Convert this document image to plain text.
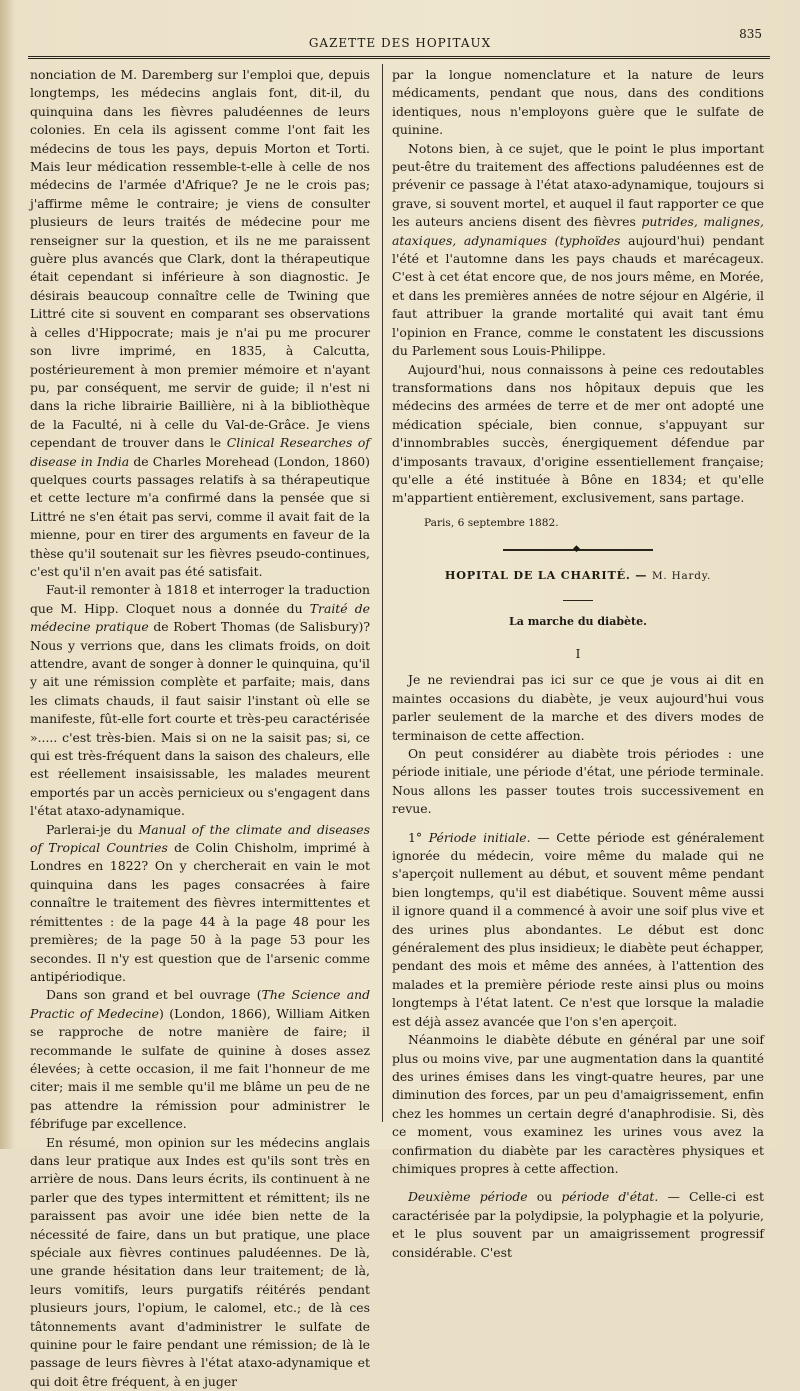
GAZETTE DES HOPITAUX
835

nonciation de M. Daremberg sur l'emploi que, depuis longtemps, les médecins anglais font, dit-il, du quinquina dans les fièvres paludéennes de leurs colonies. En cela ils agissent comme l'ont fait les médecins de tous les pays, depuis Morton et Torti. Mais leur médication ressemble-t-elle à celle de nos médecins de l'armée d'Afrique? Je ne le crois pas; j'affirme même le contraire; je viens de consulter plusieurs de leurs traités de médecine pour me renseigner sur la question, et ils ne me paraissent guère plus avancés que Clark, dont la thérapeutique était cependant si inférieure à son diagnostic. Je désirais beaucoup connaître celle de Twining que Littré cite si souvent en comparant ses observations à celles d'Hippocrate; mais je n'ai pu me procurer son livre imprimé, en 1835, à Calcutta, postérieurement à mon premier mémoire et n'ayant pu, par conséquent, me servir de guide; il n'est ni dans la riche librairie Baillière, ni à la bibliothèque de la Faculté, ni à celle du Val-de-Grâce. Je viens cependant de trouver dans le Clinical Researches of disease in India de Charles Morehead (London, 1860) quelques courts passages relatifs à sa thérapeutique et cette lecture m'a confirmé dans la pensée que si Littré ne s'en était pas servi, comme il avait fait de la mienne, pour en tirer des arguments en faveur de la thèse qu'il soutenait sur les fièvres pseudo-continues, c'est qu'il n'en avait pas été satisfait.

Faut-il remonter à 1818 et interroger la traduction que M. Hipp. Cloquet nous a donnée du Traité de médecine pratique de Robert Thomas (de Salisbury)? Nous y verrions que, dans les climats froids, on doit attendre, avant de songer à donner le quinquina, qu'il y ait une rémission complète et parfaite; mais, dans les climats chauds, il faut saisir l'instant où elle se manifeste, fût-elle fort courte et très-peu caractérisée »..... c'est très-bien. Mais si on ne la saisit pas; si, ce qui est très-fréquent dans la saison des chaleurs, elle est réellement insaisissable, les malades meurent emportés par un accès pernicieux ou s'engagent dans l'état ataxo-adynamique.

Parlerai-je du Manual of the climate and diseases of Tropical Countries de Colin Chisholm, imprimé à Londres en 1822? On y chercherait en vain le mot quinquina dans les pages consacrées à faire connaître le traitement des fièvres intermittentes et rémittentes : de la page 44 à la page 48 pour les premières; de la page 50 à la page 53 pour les secondes. Il n'y est question que de l'arsenic comme antipériodique.

Dans son grand et bel ouvrage (The Science and Practic of Medecine) (London, 1866), William Aitken se rapproche de notre manière de faire; il recommande le sulfate de quinine à doses assez élevées; à cette occasion, il me fait l'honneur de me citer; mais il me semble qu'il me blâme un peu de ne pas attendre la rémission pour administrer le fébrifuge par excellence.

En résumé, mon opinion sur les médecins anglais dans leur pratique aux Indes est qu'ils sont très en arrière de nous. Dans leurs écrits, ils continuent à ne parler que des types intermittent et rémittent; ils ne paraissent pas avoir une idée bien nette de la nécessité de faire, dans un but pratique, une place spéciale aux fièvres continues paludéennes. De là, une grande hésitation dans leur traitement; de là, leurs vomitifs, leurs purgatifs réitérés pendant plusieurs jours, l'opium, le calomel, etc.; de là ces tâtonnements avant d'administrer le sulfate de quinine pour le faire pendant une rémission; de là le passage de leurs fièvres à l'état ataxo-adynamique et qui doit être fréquent, à en juger

par la longue nomenclature et la nature de leurs médicaments, pendant que nous, dans des conditions identiques, nous n'employons guère que le sulfate de quinine.

Notons bien, à ce sujet, que le point le plus important peut-être du traitement des affections paludéennes est de prévenir ce passage à l'état ataxo-adynamique, toujours si grave, si souvent mortel, et auquel il faut rapporter ce que les auteurs anciens disent des fièvres putrides, malignes, ataxiques, adynamiques (typhoïdes aujourd'hui) pendant l'été et l'automne dans les pays chauds et marécageux. C'est à cet état encore que, de nos jours même, en Morée, et dans les premières années de notre séjour en Algérie, il faut attribuer la grande mortalité qui avait tant ému l'opinion en France, comme le constatent les discussions du Parlement sous Louis-Philippe.

Aujourd'hui, nous connaissons à peine ces redoutables transformations dans nos hôpitaux depuis que les médecins des armées de terre et de mer ont adopté une médication spéciale, bien connue, s'appuyant sur d'innombrables succès, énergiquement défendue par d'imposants travaux, d'origine essentiellement française; qu'elle a été instituée à Bône en 1834; et qu'elle m'appartient entièrement, exclusivement, sans partage.

Paris, 6 septembre 1882.
◆
HOPITAL DE LA CHARITÉ. — M. Hardy.
La marche du diabète.
I

Je ne reviendrai pas ici sur ce que je vous ai dit en maintes occasions du diabète, je veux aujourd'hui vous parler seulement de la marche et des divers modes de terminaison de cette affection.

On peut considérer au diabète trois périodes : une période initiale, une période d'état, une période terminale. Nous allons les passer toutes trois successivement en revue.

1° Période initiale. — Cette période est généralement ignorée du médecin, voire même du malade qui ne s'aperçoit nullement au début, et souvent même pendant bien longtemps, qu'il est diabétique. Souvent même aussi il ignore quand il a commencé à avoir une soif plus vive et des urines plus abondantes. Le début est donc généralement des plus insidieux; le diabète peut échapper, pendant des mois et même des années, à l'attention des malades et la première période reste ainsi plus ou moins longtemps à l'état latent. Ce n'est que lorsque la maladie est déjà assez avancée que l'on s'en aperçoit.

Néanmoins le diabète débute en général par une soif plus ou moins vive, par une augmentation dans la quantité des urines émises dans les vingt-quatre heures, par une diminution des forces, par un peu d'amaigrissement, enfin chez les hommes un certain degré d'anaphrodisie. Si, dès ce moment, vous examinez les urines vous avez la confirmation du diabète par les caractères physiques et chimiques propres à cette affection.

Deuxième période ou période d'état. — Celle-ci est caractérisée par la polydipsie, la polyphagie et la polyurie, et le plus souvent par un amaigrissement progressif considérable. C'est
